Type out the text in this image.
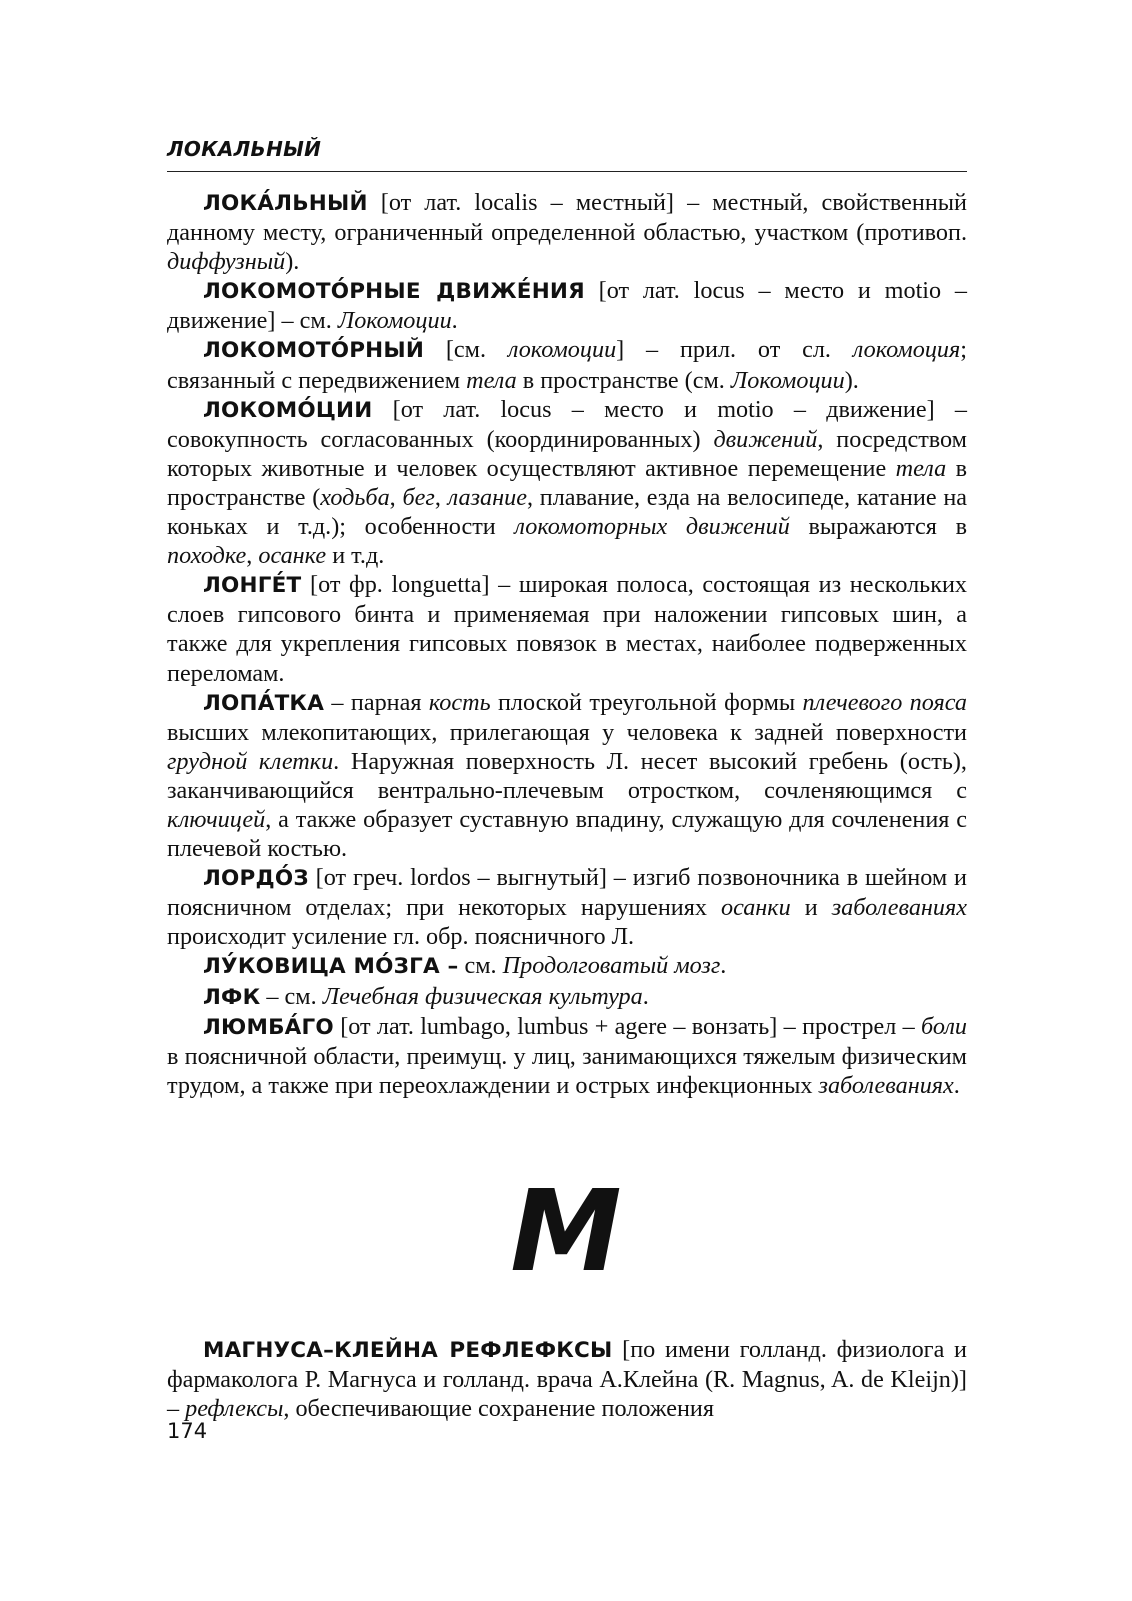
ЛОКАЛЬНЫЙ

ЛОКА́ЛЬНЫЙ [от лат. localis – местный] – местный, свойственный данному месту, ограниченный определенной областью, участком (противоп. диффузный).

ЛОКОМОТО́РНЫЕ ДВИЖЕ́НИЯ [от лат. locus – место и motio – движение] – см. Локомоции.

ЛОКОМОТО́РНЫЙ [см. локомоции] – прил. от сл. локомоция; связанный с передвижением тела в пространстве (см. Локомоции).

ЛОКОМО́ЦИИ [от лат. locus – место и motio – движение] – совокупность согласованных (координированных) движений, посредством которых животные и человек осуществляют активное перемещение тела в пространстве (ходьба, бег, лазание, плавание, езда на велосипеде, катание на коньках и т.д.); особенности локомоторных движений выражаются в походке, осанке и т.д.

ЛОНГЕ́Т [от фр. longuetta] – широкая полоса, состоящая из нескольких слоев гипсового бинта и применяемая при наложении гипсовых шин, а также для укрепления гипсовых повязок в местах, наиболее подверженных переломам.

ЛОПА́ТКА – парная кость плоской треугольной формы плечевого пояса высших млекопитающих, прилегающая у человека к задней поверхности грудной клетки. Наружная поверхность Л. несет высокий гребень (ость), заканчивающийся вентрально-плечевым отростком, сочленяющимся с ключицей, а также образует суставную впадину, служащую для сочленения с плечевой костью.

ЛОРДО́З [от греч. lordos – выгнутый] – изгиб позвоночника в шейном и поясничном отделах; при некоторых нарушениях осанки и заболеваниях происходит усиление гл. обр. поясничного Л.

ЛУ́КОВИЦА МО́ЗГА – см. Продолговатый мозг.

ЛФК – см. Лечебная физическая культура.

ЛЮМБА́ГО [от лат. lumbago, lumbus + agere – вонзать] – прострел – боли в поясничной области, преимущ. у лиц, занимающихся тяжелым физическим трудом, а также при переохлаждении и острых инфекционных заболеваниях.

М

МАГНУСА–КЛЕЙНА РЕФЛЕФКСЫ [по имени голланд. физиолога и фармаколога Р. Магнуса и голланд. врача А.Клейна (R. Magnus, A. de Kleijn)] – рефлексы, обеспечивающие сохранение положения

174
